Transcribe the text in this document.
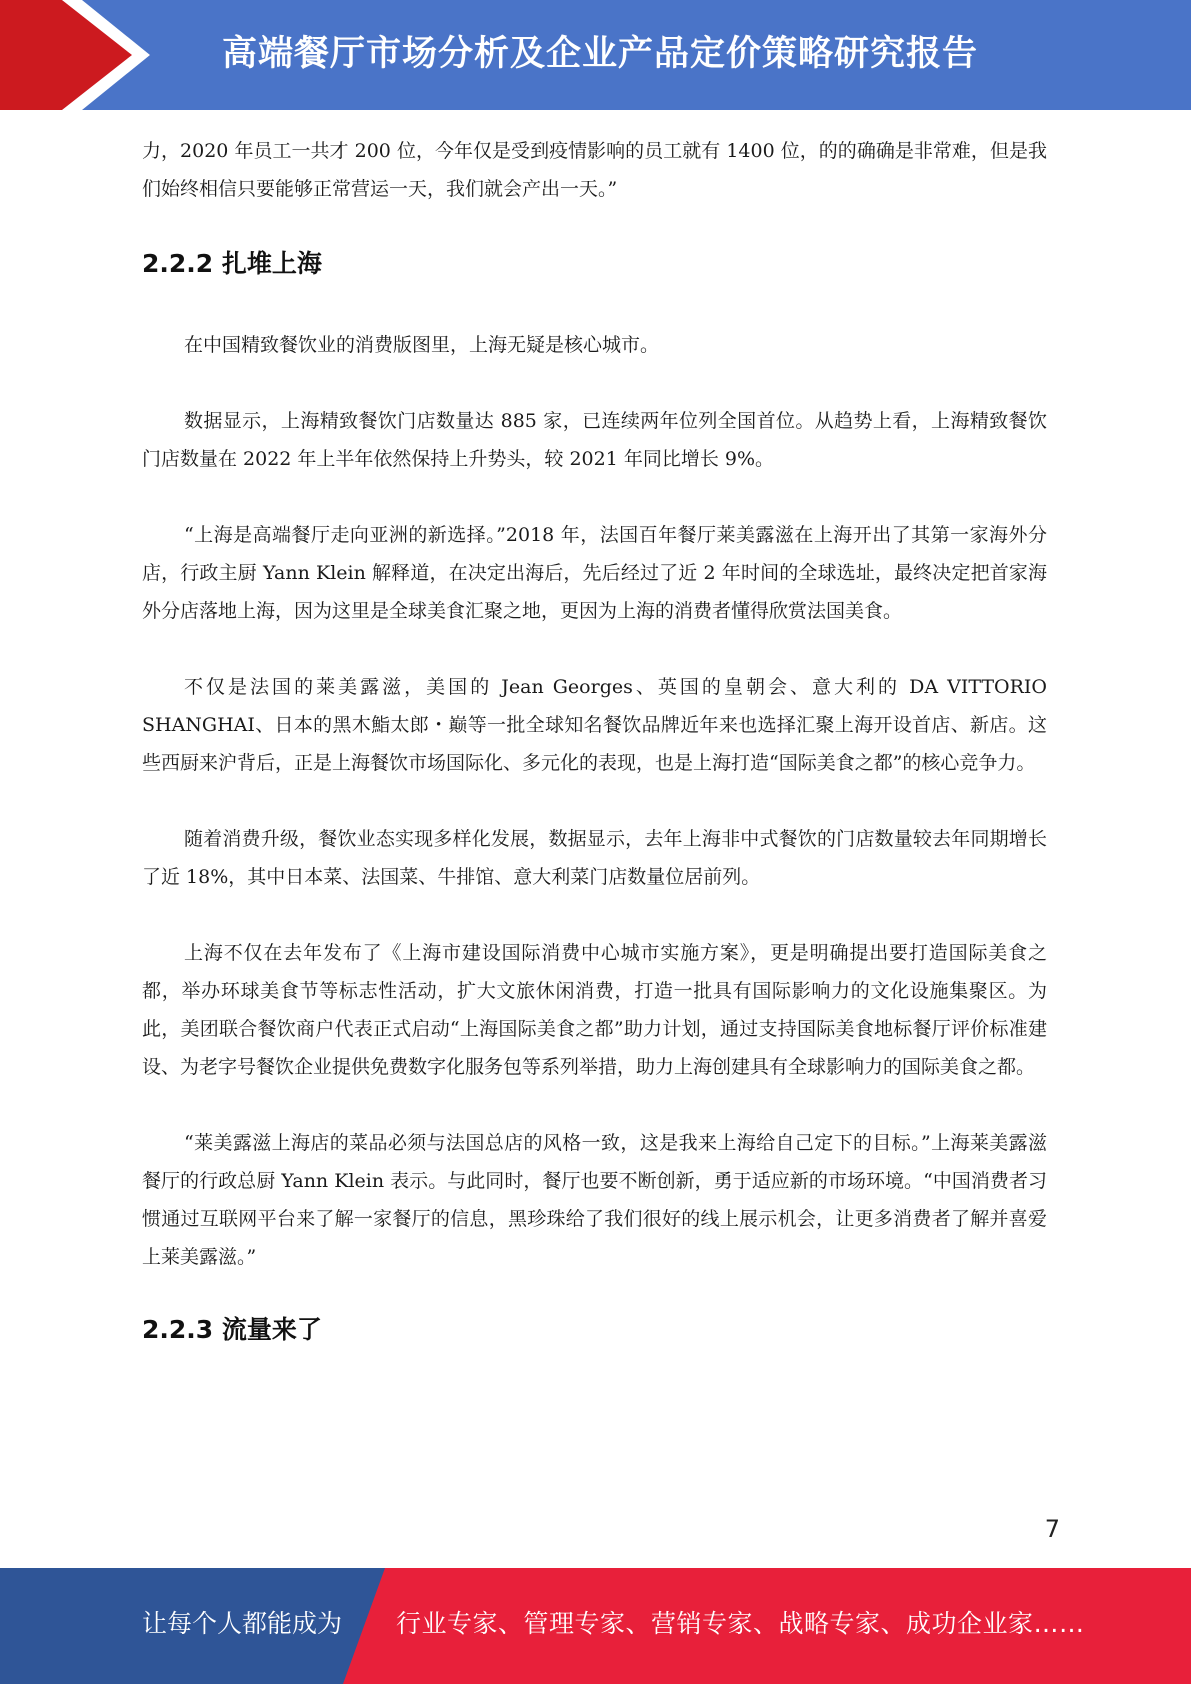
高端餐厅市场分析及企业产品定价策略研究报告

力，2020 年员工一共才 200 位，今年仅是受到疫情影响的员工就有 1400 位，的的确确是非常难，但是我们始终相信只要能够正常营运一天，我们就会产出一天。”

2.2.2 扎堆上海

在中国精致餐饮业的消费版图里，上海无疑是核心城市。

数据显示，上海精致餐饮门店数量达 885 家，已连续两年位列全国首位。从趋势上看，上海精致餐饮门店数量在 2022 年上半年依然保持上升势头，较 2021 年同比增长 9%。

“上海是高端餐厅走向亚洲的新选择。”2018 年，法国百年餐厅莱美露滋在上海开出了其第一家海外分店，行政主厨 Yann Klein 解释道，在决定出海后，先后经过了近 2 年时间的全球选址，最终决定把首家海外分店落地上海，因为这里是全球美食汇聚之地，更因为上海的消费者懂得欣赏法国美食。

不仅是法国的莱美露滋，美国的 Jean Georges、英国的皇朝会、意大利的 DA VITTORIO SHANGHAI、日本的黑木鮨太郎・巅等一批全球知名餐饮品牌近年来也选择汇聚上海开设首店、新店。这些西厨来沪背后，正是上海餐饮市场国际化、多元化的表现，也是上海打造“国际美食之都”的核心竞争力。

随着消费升级，餐饮业态实现多样化发展，数据显示，去年上海非中式餐饮的门店数量较去年同期增长了近 18%，其中日本菜、法国菜、牛排馆、意大利菜门店数量位居前列。

上海不仅在去年发布了《上海市建设国际消费中心城市实施方案》，更是明确提出要打造国际美食之都，举办环球美食节等标志性活动，扩大文旅休闲消费，打造一批具有国际影响力的文化设施集聚区。为此，美团联合餐饮商户代表正式启动“上海国际美食之都”助力计划，通过支持国际美食地标餐厅评价标准建设、为老字号餐饮企业提供免费数字化服务包等系列举措，助力上海创建具有全球影响力的国际美食之都。

“莱美露滋上海店的菜品必须与法国总店的风格一致，这是我来上海给自己定下的目标。”上海莱美露滋餐厅的行政总厨 Yann Klein 表示。与此同时，餐厅也要不断创新，勇于适应新的市场环境。“中国消费者习惯通过互联网平台来了解一家餐厅的信息，黑珍珠给了我们很好的线上展示机会，让更多消费者了解并喜爱上莱美露滋。”

2.2.3 流量来了
7
让每个人都能成为 行业专家、管理专家、营销专家、战略专家、成功企业家……
